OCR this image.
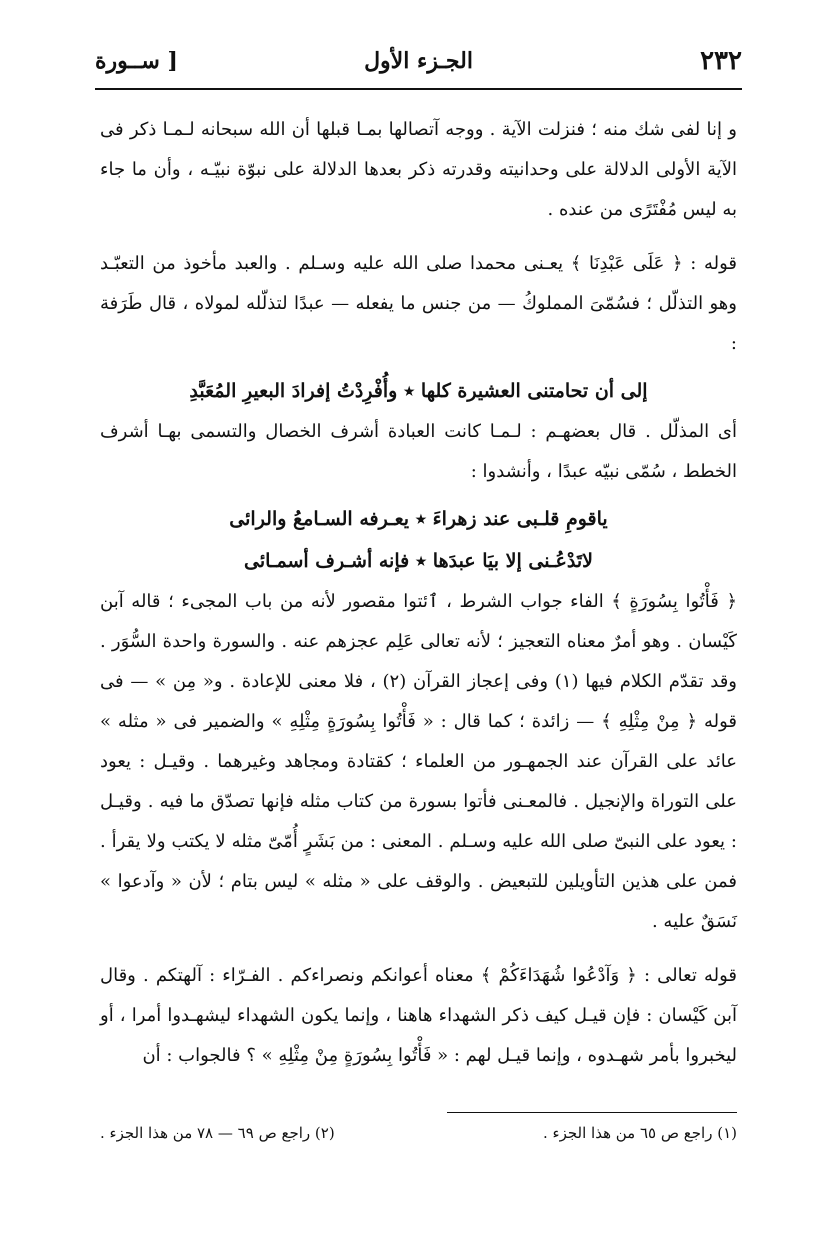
٢٣٢
الجـزء الأول
[ ســورة

و إنا لفى شك منه ؛ فنزلت الآية . ووجه آتصالها بمـا قبلها أن الله سبحانه لـمـا ذكر فى الآية الأولى الدلالة على وحدانيته وقدرته ذكر بعدها الدلالة على نبوّة نبيّـه ، وأن ما جاء به ليس مُفْتَرًى من عنده .

قوله : ﴿ عَلَى عَبْدِنَا ﴾ يعـنى محمدا صلى الله عليه وسـلم . والعبد مأخوذ من التعبّـد وهو التذلّل ؛ فسُمّىَ المملوكُ — من جنس ما يفعله — عبدًا لتذلّله لمولاه ، قال طَرَفة :

إلى أن تحامتنى العشيرة كلها ٭ وأُفْرِدْتُ إفرادَ البعيرِ المُعَبَّدِ

أى المذلّل . قال بعضهـم : لـمـا كانت العبادة أشرف الخصال والتسمى بهـا أشرف الخطط ، سُمّى نبيّه عبدًا ، وأنشدوا :

ياقومِ قلـبى عند زهراءَ ٭ يعـرفه السـامعُ والرائى

لاتَدْعُـنى إلا بيَا عبدَها ٭ فإنه أشـرف أسمـائى

﴿ فَأْتُوا بِسُورَةٍ ﴾ الفاء جواب الشرط ، ٱئتوا مقصور لأنه من باب المجىء ؛ قاله آبن كَيْسان . وهو أمرٌ معناه التعجيز ؛ لأنه تعالى عَلِم عجزهم عنه . والسورة واحدة السُّوَر . وقد تقدّم الكلام فيها (١) وفى إعجاز القرآن (٢) ، فلا معنى للإعادة . و« مِن » — فى قوله ﴿ مِنْ مِثْلِهِ ﴾ — زائدة ؛ كما قال : « فَأْتُوا بِسُورَةٍ مِثْلِهِ » والضمير فى « مثله » عائد على القرآن عند الجمهـور من العلماء ؛ كقتادة ومجاهد وغيرهما . وقيـل : يعود على التوراة والإنجيل . فالمعـنى فأتوا بسورة من كتاب مثله فإنها تصدّق ما فيه . وقيـل : يعود على النبىّ صلى الله عليه وسـلم . المعنى : من بَشَرٍ أُمّىّ مثله لا يكتب ولا يقرأ . فمن على هذين التأويلين للتبعيض . والوقف على « مثله » ليس بتام ؛ لأن « وآدعوا » نَسَقٌ عليه .

قوله تعالى : ﴿ وَآدْعُوا شُهَدَاءَكُمْ ﴾ معناه أعوانكم ونصراءكم . الفـرّاء : آلهتكم . وقال آبن كَيْسان : فإن قيـل كيف ذكر الشهداء هاهنا ، وإنما يكون الشهداء ليشهـدوا أمرا ، أو ليخبروا بأمر شهـدوه ، وإنما قيـل لهم : « فَأْتُوا بِسُورَةٍ مِنْ مِثْلِهِ » ؟ فالجواب : أن

(١) راجع ص ٦٥ من هذا الجزء .
(٢) راجع ص ٦٩ — ٧٨ من هذا الجزء .
